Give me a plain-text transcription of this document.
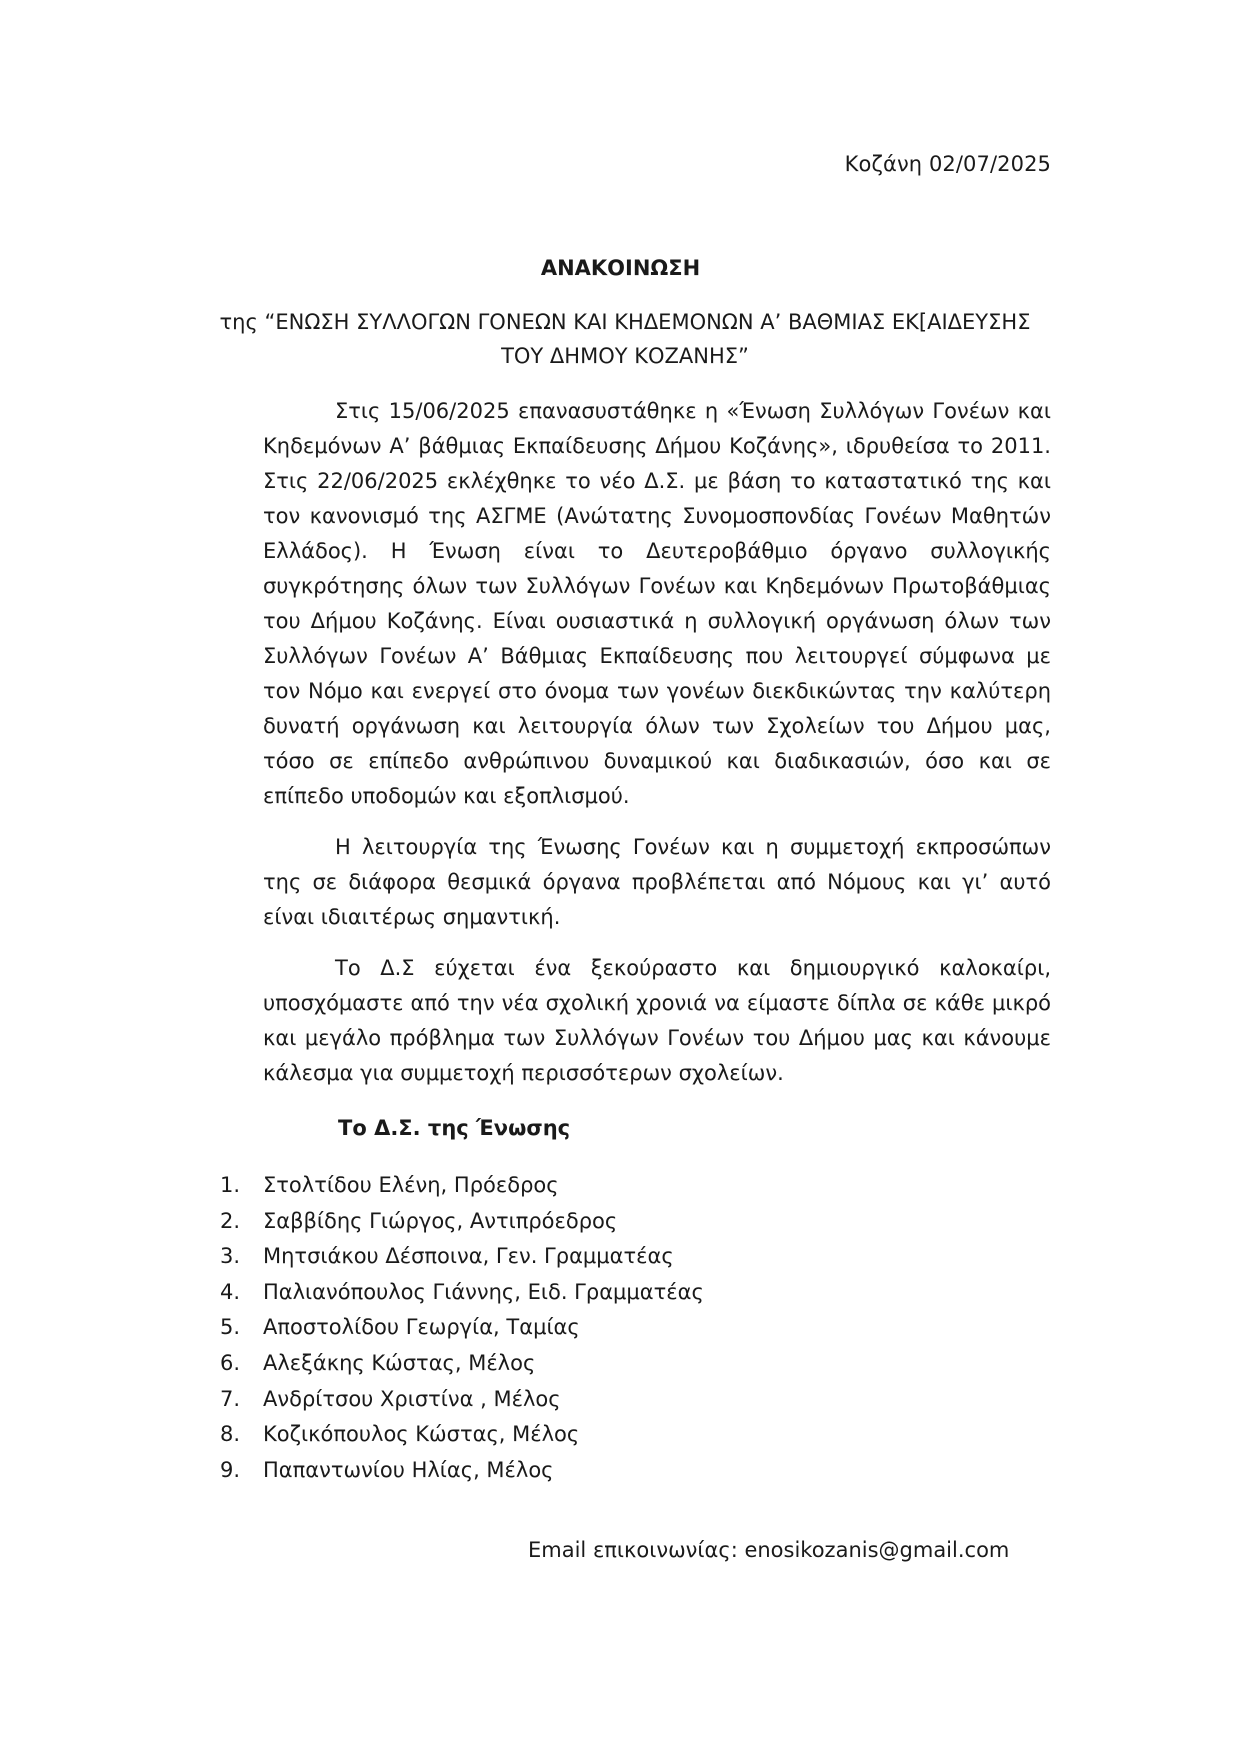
Κοζάνη 02/07/2025
ΑΝΑΚΟΙΝΩΣΗ
της “ΕΝΩΣΗ ΣΥΛΛΟΓΩΝ ΓΟΝΕΩΝ ΚΑΙ ΚΗΔΕΜΟΝΩΝ Α’ ΒΑΘΜΙΑΣ ΕΚ[ΑΙΔΕΥΣΗΣ
ΤΟΥ ΔΗΜΟΥ ΚΟΖΑΝΗΣ”

Στις 15/06/2025 επανασυστάθηκε η «Ένωση Συλλόγων Γονέων και Κηδεμόνων Α’ βάθμιας Εκπαίδευσης Δήμου Κοζάνης», ιδρυθείσα το 2011. Στις 22/06/2025 εκλέχθηκε το νέο Δ.Σ. με βάση το καταστατικό της και τον κανονισμό της ΑΣΓΜΕ (Ανώτατης Συνομοσπονδίας Γονέων Μαθητών Ελλάδος). Η Ένωση είναι το Δευτεροβάθμιο όργανο συλλογικής συγκρότησης όλων των Συλλόγων Γονέων και Κηδεμόνων Πρωτοβάθμιας του Δήμου Κοζάνης. Είναι ουσιαστικά η συλλογική οργάνωση όλων των Συλλόγων Γονέων Α’ Βάθμιας Εκπαίδευσης που λειτουργεί σύμφωνα με τον Νόμο και ενεργεί στο όνομα των γονέων διεκδικώντας την καλύτερη δυνατή οργάνωση και λειτουργία όλων των Σχολείων του Δήμου μας, τόσο σε επίπεδο ανθρώπινου δυναμικού και διαδικασιών, όσο και σε επίπεδο υποδομών και εξοπλισμού.

Η λειτουργία της Ένωσης Γονέων και η συμμετοχή εκπροσώπων της σε διάφορα θεσμικά όργανα προβλέπεται από Νόμους και γι’ αυτό είναι ιδιαιτέρως σημαντική.

Το Δ.Σ εύχεται ένα ξεκούραστο και δημιουργικό καλοκαίρι, υποσχόμαστε από την νέα σχολική χρονιά να είμαστε δίπλα σε κάθε μικρό και μεγάλο πρόβλημα των Συλλόγων Γονέων του Δήμου μας και κάνουμε κάλεσμα για συμμετοχή περισσότερων σχολείων.

Το Δ.Σ. της Ένωσης
1.	Στολτίδου Ελένη, Πρόεδρος
2.	Σαββίδης Γιώργος, Αντιπρόεδρος
3.	Μητσιάκου Δέσποινα, Γεν. Γραμματέας
4.	Παλιανόπουλος Γιάννης, Ειδ. Γραμματέας
5.	Αποστολίδου Γεωργία, Ταμίας
6.	Αλεξάκης Κώστας, Μέλος
7.	Ανδρίτσου Χριστίνα , Μέλος
8.	Κοζικόπουλος Κώστας, Μέλος
9.	Παπαντωνίου Ηλίας, Μέλος
Email επικοινωνίας: enosikozanis@gmail.com
